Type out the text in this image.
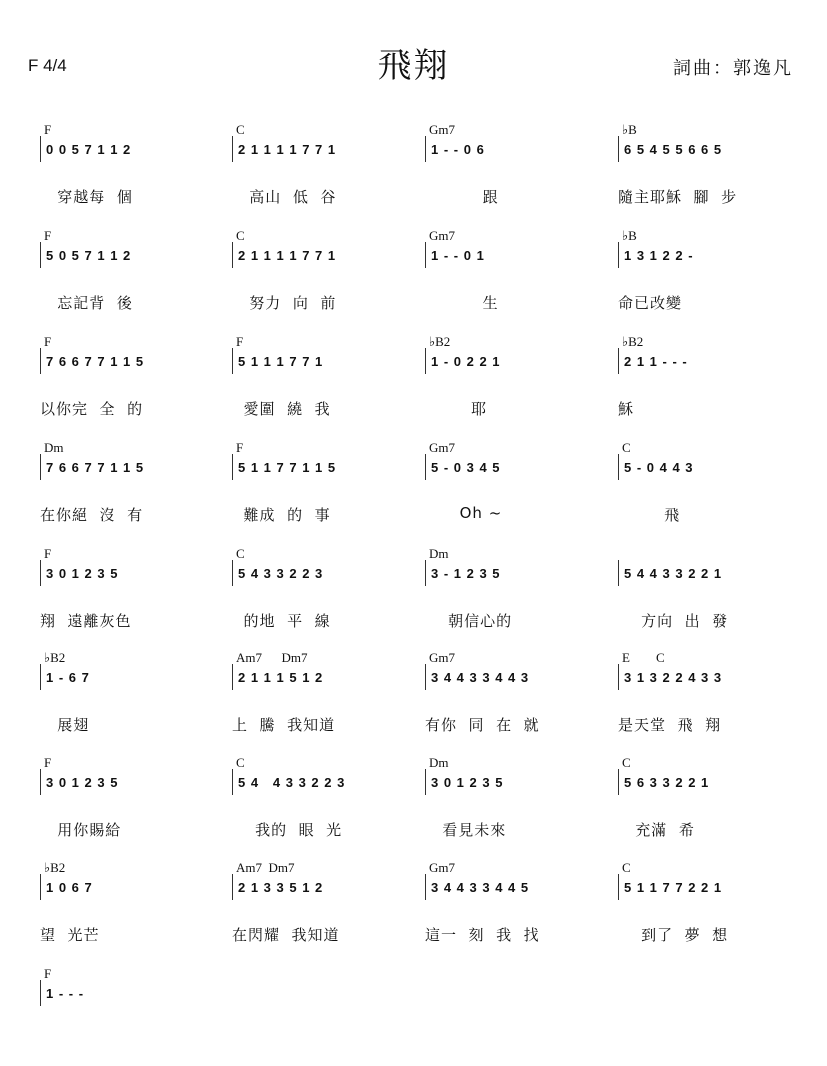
F 4/4	飛翔	詞曲：郭逸凡
F
0 0 5 7 1 1 2
穿越每  個
C
2 1 1 1 1 7 7 1
高山  低  谷
Gm7
1 - - 0 6
跟
♭B
6 5 4 5 5 6 6 5
隨主耶穌  腳  步
F
5 0 5 7 1 1 2
忘記背  後
C
2 1 1 1 1 7 7 1
努力  向  前
Gm7
1 - - 0 1
生
♭B
1 3 1 2 2 -
命已改變
F
7 6 6 7 7 1 1 5
以你完  全  的
F
5 1 1 1 7 7 1
愛圍  繞  我
♭B2
1 - 0 2 2 1
耶
♭B2
2 1 1 - - -
穌
Dm
7 6 6 7 7 1 1 5
在你絕  沒  有
F
5 1 1 7 7 1 1 5
難成  的  事
Gm7
5 - 0 3 4 5
Oh ~
C
5 - 0 4 4 3
飛
F
3 0 1 2 3 5
翔  遠離灰色
C
5 4 3 3 2 2 3
的地  平  線
Dm
3 - 1 2 3 5
朝信心的
5 4 4 3 3 2 2 1
方向  出  發
♭B2
1 - 6 7
展翅
Am7      Dm7
2 1 1 1 5 1 2
上  騰  我知道
Gm7
3 4 4 3 3 4 4 3
有你  同  在  就
E        C
3 1 3 2 2 4 3 3
是天堂  飛  翔
F
3 0 1 2 3 5
用你賜給
C
5 4   4 3 3 2 2 3
我的  眼  光
Dm
3 0 1 2 3 5
看見未來
C
5 6 3 3 2 2 1
充滿  希
♭B2
1 0 6 7
望  光芒
Am7  Dm7
2 1 3 3 5 1 2
在閃耀  我知道
Gm7
3 4 4 3 3 4 4 5
這一  刻  我  找
C
5 1 1 7 7 2 2 1
到了  夢  想
F
1 - - -
